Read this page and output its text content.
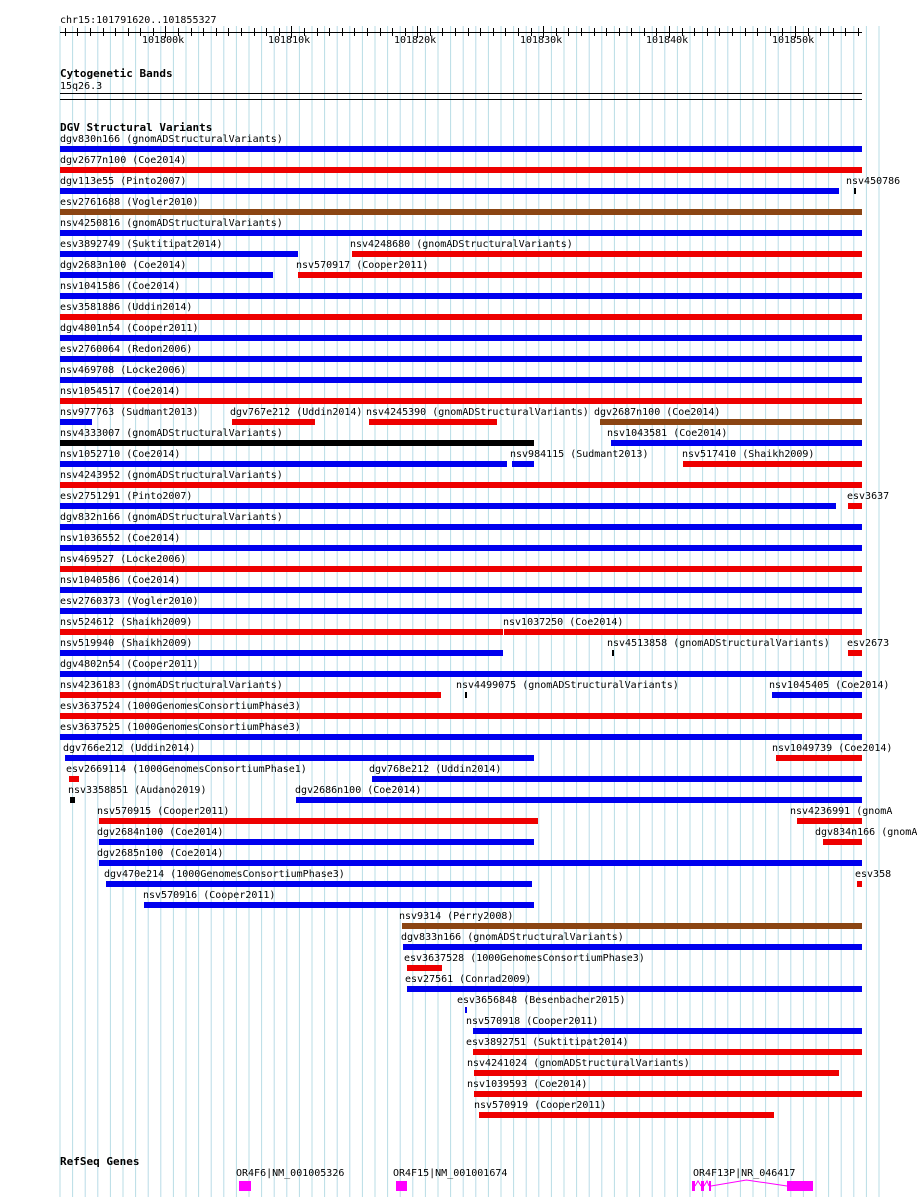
chr15:101791620..101855327
101800k	101810k	101820k	101830k	101840k	101850k
Cytogenetic Bands
15q26.3
DGV Structural Variants
dgv830n166 (gnomADStructuralVariants)
dgv2677n100 (Coe2014)
dgv113e55 (Pinto2007)	nsv450786
esv2761688 (Vogler2010)
nsv4250816 (gnomADStructuralVariants)
esv3892749 (Suktitipat2014)	nsv4248680 (gnomADStructuralVariants)
dgv2683n100 (Coe2014)	nsv570917 (Cooper2011)
nsv1041586 (Coe2014)
esv3581886 (Uddin2014)
dgv4801n54 (Cooper2011)
esv2760064 (Redon2006)
nsv469708 (Locke2006)
nsv1054517 (Coe2014)
nsv977763 (Sudmant2013)	dgv767e212 (Uddin2014) nsv4245390 (gnomADStructuralVariants) dgv2687n100 (Coe2014)
nsv4333007 (gnomADStructuralVariants)	nsv1043581 (Coe2014)
nsv1052710 (Coe2014)	nsv984115 (Sudmant2013)	nsv517410 (Shaikh2009)
nsv4243952 (gnomADStructuralVariants)
esv2751291 (Pinto2007)	esv3637
dgv832n166 (gnomADStructuralVariants)
nsv1036552 (Coe2014)
nsv469527 (Locke2006)
nsv1040586 (Coe2014)
esv2760373 (Vogler2010)
nsv524612 (Shaikh2009)	nsv1037250 (Coe2014)
nsv519940 (Shaikh2009)	nsv4513858 (gnomADStructuralVariants) esv2673
dgv4802n54 (Cooper2011)
nsv4236183 (gnomADStructuralVariants)	nsv4499075 (gnomADStructuralVariants)	nsv1045405 (Coe2014)
esv3637524 (1000GenomesConsortiumPhase3)
esv3637525 (1000GenomesConsortiumPhase3)
dgv766e212 (Uddin2014)	nsv1049739 (Coe2014)
esv2669114 (1000GenomesConsortiumPhase1)	dgv768e212 (Uddin2014)
nsv3358851 (Audano2019)	dgv2686n100 (Coe2014)
nsv570915 (Cooper2011)	nsv4236991 (gnomA
dgv2684n100 (Coe2014)	dgv834n166 (gnomA
dgv2685n100 (Coe2014)
dgv470e214 (1000GenomesConsortiumPhase3)	esv358
nsv570916 (Cooper2011)
nsv9314 (Perry2008)
dgv833n166 (gnomADStructuralVariants)
esv3637528 (1000GenomesConsortiumPhase3)
esv27561 (Conrad2009)
esv3656848 (Besenbacher2015)
nsv570918 (Cooper2011)
esv3892751 (Suktitipat2014)
nsv4241024 (gnomADStructuralVariants)
nsv1039593 (Coe2014)
nsv570919 (Cooper2011)
RefSeq Genes
OR4F6|NM_001005326	OR4F15|NM_001001674	OR4F13P|NR_046417
